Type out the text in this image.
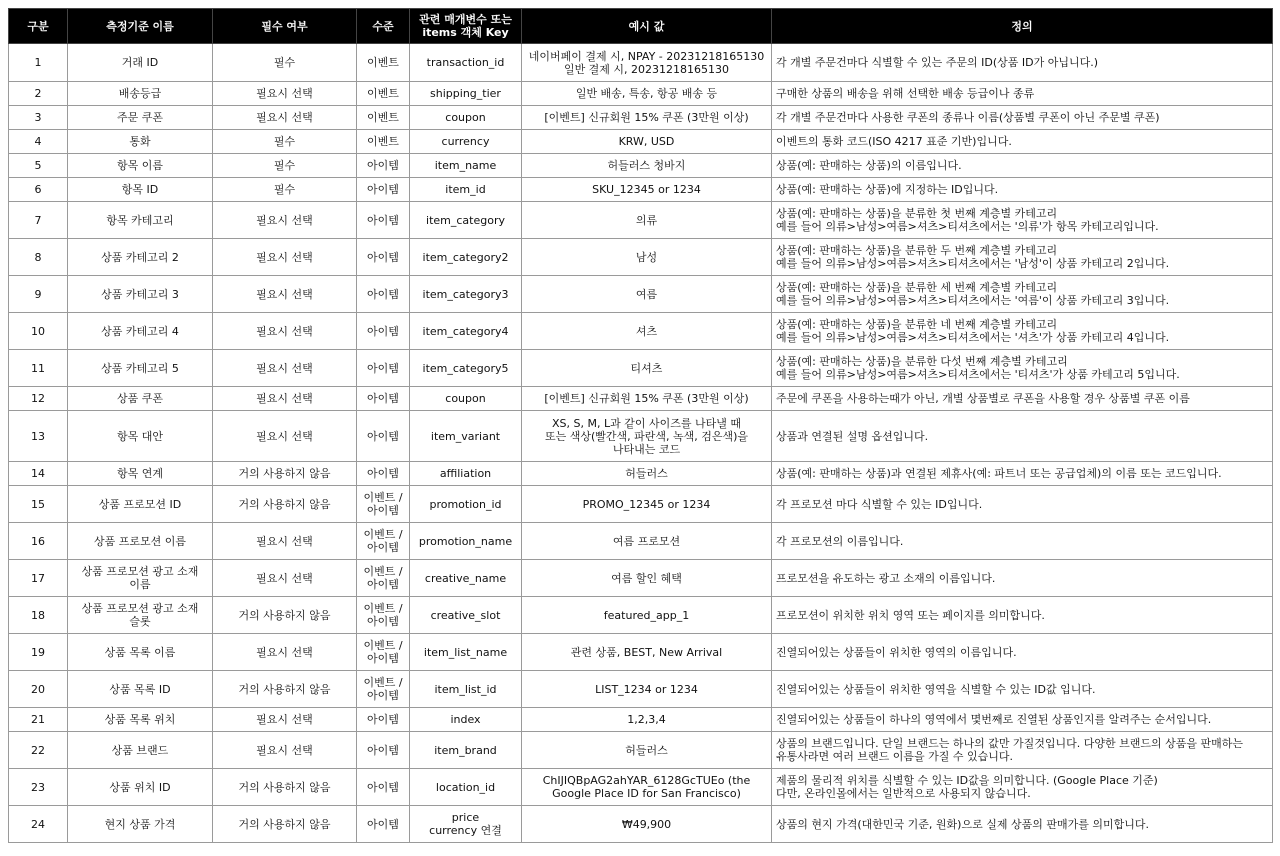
구분	측정기준 이름	필수 여부	수준	관련 매개변수 또는
items 객체 Key	예시 값	정의
1	거래 ID	필수	이벤트	transaction_id	네이버페이 결제 시, NPAY - 20231218165130
일반 결제 시, 20231218165130	각 개별 주문건마다 식별할 수 있는 주문의 ID(상품 ID가 아닙니다.)
2	배송등급	필요시 선택	이벤트	shipping_tier	일반 배송, 특송, 항공 배송 등	구매한 상품의 배송을 위해 선택한 배송 등급이나 종류
3	주문 쿠폰	필요시 선택	이벤트	coupon	[이벤트] 신규회원 15% 쿠폰 (3만원 이상)	각 개별 주문건마다 사용한 쿠폰의 종류나 이름(상품별 쿠폰이 아닌 주문별 쿠폰)
4	통화	필수	이벤트	currency	KRW, USD	이벤트의 통화 코드(ISO 4217 표준 기반)입니다.
5	항목 이름	필수	아이템	item_name	허들러스 청바지	상품(예: 판매하는 상품)의 이름입니다.
6	항목 ID	필수	아이템	item_id	SKU_12345 or 1234	상품(예: 판매하는 상품)에 지정하는 ID입니다.
7	항목 카테고리	필요시 선택	아이템	item_category	의류	상품(예: 판매하는 상품)을 분류한 첫 번째 계층별 카테고리
예를 들어 의류>남성>여름>셔츠>티셔츠에서는 '의류'가 항목 카테고리입니다.
8	상품 카테고리 2	필요시 선택	아이템	item_category2	남성	상품(예: 판매하는 상품)을 분류한 두 번째 계층별 카테고리
예를 들어 의류>남성>여름>셔츠>티셔츠에서는 '남성'이 상품 카테고리 2입니다.
9	상품 카테고리 3	필요시 선택	아이템	item_category3	여름	상품(예: 판매하는 상품)을 분류한 세 번째 계층별 카테고리
예를 들어 의류>남성>여름>셔츠>티셔츠에서는 '여름'이 상품 카테고리 3입니다.
10	상품 카테고리 4	필요시 선택	아이템	item_category4	셔츠	상품(예: 판매하는 상품)을 분류한 네 번째 계층별 카테고리
예를 들어 의류>남성>여름>셔츠>티셔츠에서는 '셔츠'가 상품 카테고리 4입니다.
11	상품 카테고리 5	필요시 선택	아이템	item_category5	티셔츠	상품(예: 판매하는 상품)을 분류한 다섯 번째 계층별 카테고리
예를 들어 의류>남성>여름>셔츠>티셔츠에서는 '티셔츠'가 상품 카테고리 5입니다.
12	상품 쿠폰	필요시 선택	아이템	coupon	[이벤트] 신규회원 15% 쿠폰 (3만원 이상)	주문에 쿠폰을 사용하는때가 아닌, 개별 상품별로 쿠폰을 사용할 경우 상품별 쿠폰 이름
13	항목 대안	필요시 선택	아이템	item_variant	XS, S, M, L과 같이 사이즈를 나타낼 때
또는 색상(빨간색, 파란색, 녹색, 검은색)을
나타내는 코드	상품과 연결된 설명 옵션입니다.
14	항목 연계	거의 사용하지 않음	아이템	affiliation	허들러스	상품(예: 판매하는 상품)과 연결된 제휴사(예: 파트너 또는 공급업체)의 이름 또는 코드입니다.
15	상품 프로모션 ID	거의 사용하지 않음	이벤트 /
아이템	promotion_id	PROMO_12345 or 1234	각 프로모션 마다 식별할 수 있는 ID입니다.
16	상품 프로모션 이름	필요시 선택	이벤트 /
아이템	promotion_name	여름 프로모션	각 프로모션의 이름입니다.
17	상품 프로모션 광고 소재
이름	필요시 선택	이벤트 /
아이템	creative_name	여름 할인 혜택	프로모션을 유도하는 광고 소재의 이름입니다.
18	상품 프로모션 광고 소재
슬롯	거의 사용하지 않음	이벤트 /
아이템	creative_slot	featured_app_1	프로모션이 위치한 위치 영역 또는 페이지를 의미합니다.
19	상품 목록 이름	필요시 선택	이벤트 /
아이템	item_list_name	관련 상품, BEST, New Arrival	진열되어있는 상품들이 위치한 영역의 이름입니다.
20	상품 목록 ID	거의 사용하지 않음	이벤트 /
아이템	item_list_id	LIST_1234 or 1234	진열되어있는 상품들이 위치한 영역을 식별할 수 있는 ID값 입니다.
21	상품 목록 위치	필요시 선택	아이템	index	1,2,3,4	진열되어있는 상품들이 하나의 영역에서 몇번째로 진열된 상품인지를 알려주는 순서입니다.
22	상품 브랜드	필요시 선택	아이템	item_brand	허들러스	상품의 브랜드입니다. 단일 브랜드는 하나의 값만 가질것입니다. 다양한 브랜드의 상품을 판매하는
유통사라면 여러 브랜드 이름을 가질 수 있습니다.
23	상품 위치 ID	거의 사용하지 않음	아이템	location_id	ChIJIQBpAG2ahYAR_6128GcTUEo (the
Google Place ID for San Francisco)	제품의 물리적 위치를 식별할 수 있는 ID값을 의미합니다. (Google Place 기준)
다만, 온라인몰에서는 일반적으로 사용되지 않습니다.
24	현지 상품 가격	거의 사용하지 않음	아이템	price
currency 연결	₩49,900	상품의 현지 가격(대한민국 기준, 원화)으로 실제 상품의 판매가를 의미합니다.
